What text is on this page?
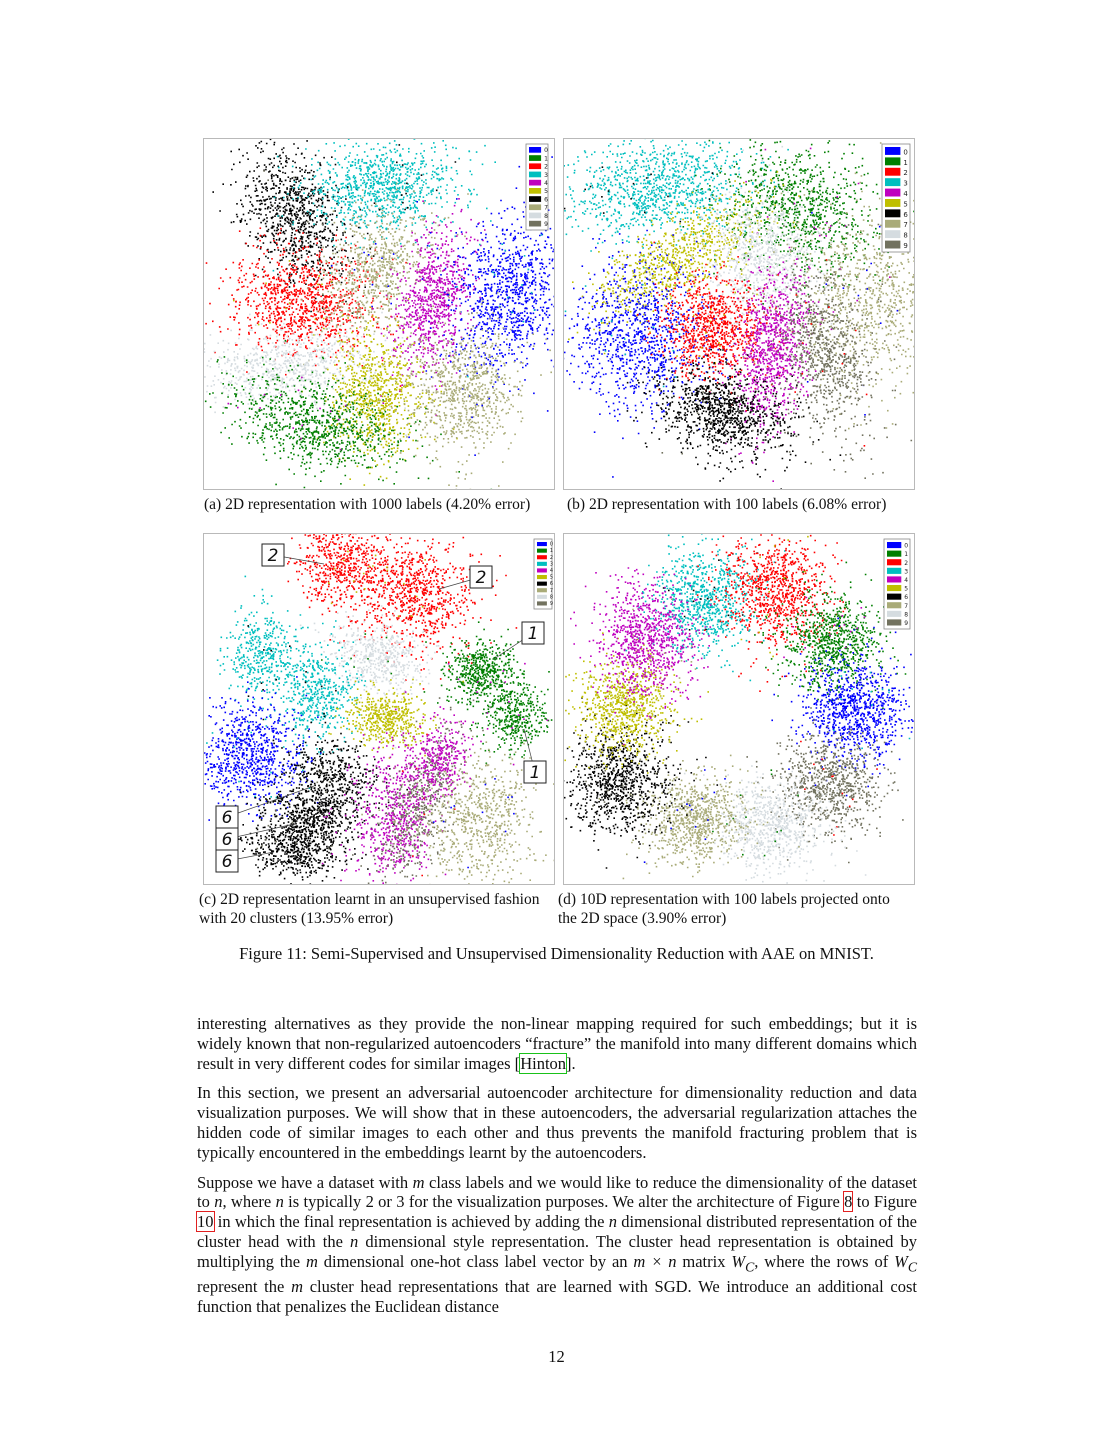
0
1
2
3
4
5
6
7
8
9
(a) 2D representation with 1000 labels (4.20% error)
0
1
2
3
4
5
6
7
8
9
(b) 2D representation with 100 labels (6.08% error)
0
1
2
3
4
5
6
7
8
9
2
2
1
1
6
6
6
(c) 2D representation learnt in an unsupervised fashion
with 20 clusters (13.95% error)
0
1
2
3
4
5
6
7
8
9
(d) 10D representation with 100 labels projected onto
the 2D space (3.90% error)
Figure 11: Semi-Supervised and Unsupervised Dimensionality Reduction with AAE on MNIST.

interesting alternatives as they provide the non-linear mapping required for such embeddings; but it is widely known that non-regularized autoencoders “fracture” the manifold into many different domains which result in very different codes for similar images [Hinton].

In this section, we present an adversarial autoencoder architecture for dimensionality reduction and data visualization purposes. We will show that in these autoencoders, the adversarial regularization attaches the hidden code of similar images to each other and thus prevents the manifold fracturing problem that is typically encountered in the embeddings learnt by the autoencoders.

Suppose we have a dataset with m class labels and we would like to reduce the dimensionality of the dataset to n, where n is typically 2 or 3 for the visualization purposes. We alter the architecture of Figure 8 to Figure 10 in which the final representation is achieved by adding the n dimensional distributed representation of the cluster head with the n dimensional style representation. The cluster head representation is obtained by multiplying the m dimensional one-hot class label vector by an m × n matrix $W_C$, where the rows of $W_C$ represent the m cluster head representations that are learned with SGD. We introduce an additional cost function that penalizes the Euclidean distance

12
